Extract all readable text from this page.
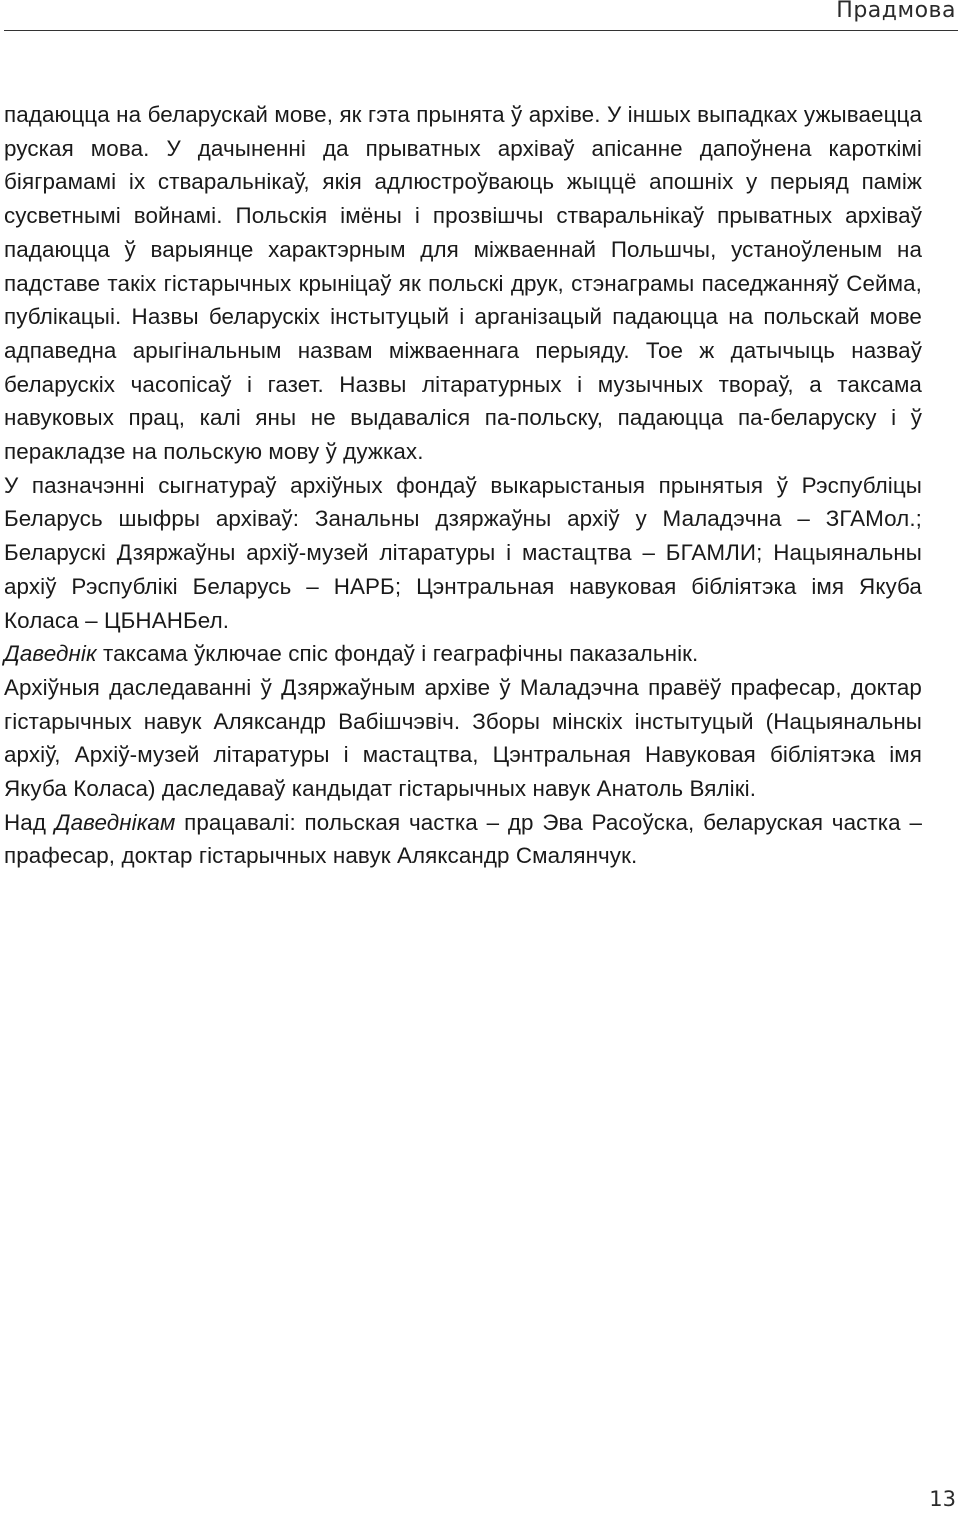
Прадмова

падаюцца на беларускай мове, як гэта прынята ў архіве. У іншых выпадках ужываецца руская мова. У дачыненні да прыватных архіваў апісанне дапоўнена кароткімі біяграмамі іх стваральнікаў, якія адлюстроўваюць жыццё апошніх у перыяд паміж сусветнымі войнамі. Польскія імёны і прозвішчы стваральнікаў прыватных архіваў падаюцца ў варыянце характэрным для міжваеннай Польшчы, устаноўленым на падставе такіх гістарычных крыніцаў як польскі друк, стэнаграмы паседжанняў Сейма, публікацыі. Назвы беларускіх інстытуцый і арганізацый падаюцца на польскай мове адпаведна арыгінальным назвам міжваеннага перыяду. Тое ж датычыць назваў беларускіх часопісаў і газет. Назвы літаратурных і музычных твораў, а таксама навуковых прац, калі яны не выдаваліся па-польску, падаюцца па-беларуску і ў перакладзе на польскую мову ў дужках.

У пазначэнні сыгнатураў архіўных фондаў выкарыстаныя прынятыя ў Рэспубліцы Беларусь шыфры архіваў: Занальны дзяржаўны архіў у Маладэчна – ЗГАМол.; Беларускі Дзяржаўны архіў-музей літаратуры і мастацтва – БГАМЛИ; Нацыянальны архіў Рэспублікі Беларусь – НАРБ; Цэнтральная навуковая бібліятэка імя Якуба Коласа – ЦБНАНБел.

Даведнік таксама ўключае спіс фондаў і геаграфічны паказальнік.

Архіўныя даследаванні ў Дзяржаўным архіве ў Маладэчна правёў прафесар, доктар гістарычных навук Аляксандр Вабішчэвіч. Зборы мінскіх інстытуцый (Нацыянальны архіў, Архіў-музей літаратуры і мастацтва, Цэнтральная Навуковая бібліятэка імя Якуба Коласа) даследаваў кандыдат гістарычных навук Анатоль Вялікі.

Над Даведнікам працавалі: польская частка – др Эва Расоўска, беларуская частка – прафесар, доктар гістарычных навук Аляксандр Смалянчук.

13
